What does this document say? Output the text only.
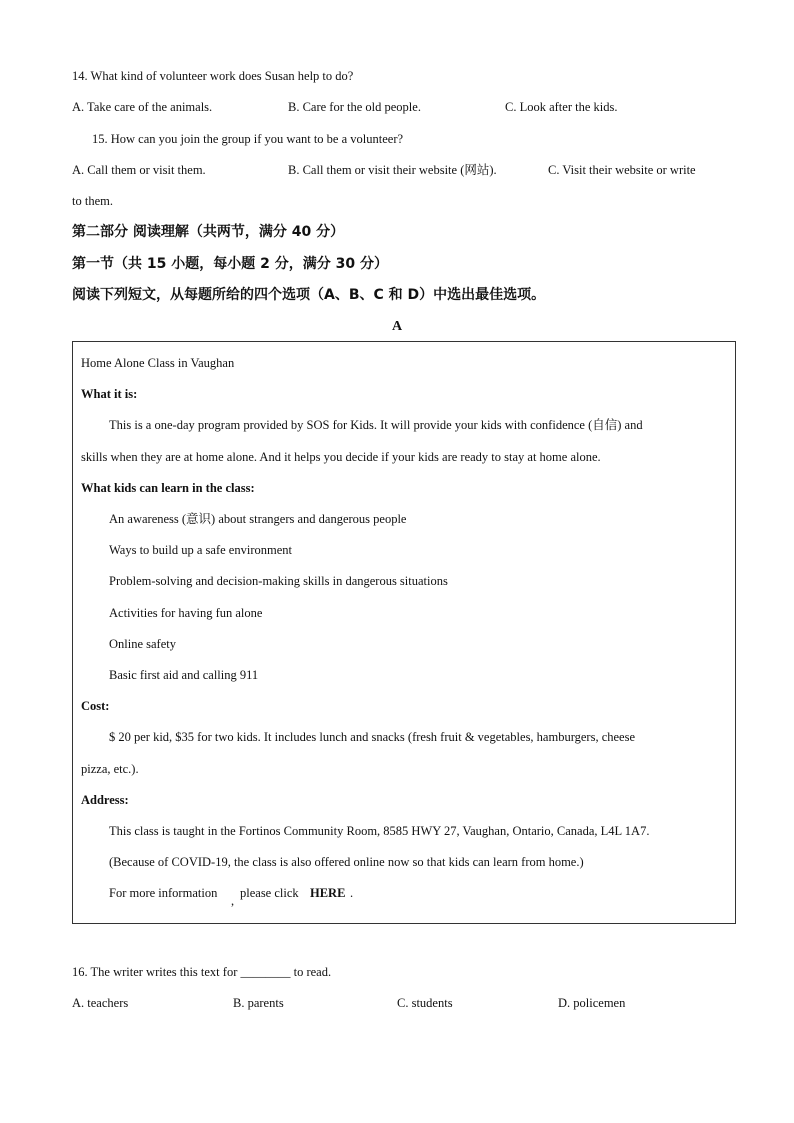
14. What kind of volunteer work does Susan help to do?
A. Take care of the animals.	B. Care for the old people.	C. Look after the kids.
15. How can you join the group if you want to be a volunteer?
A. Call them or visit them.	B. Call them or visit their website (网站).	C. Visit their website or write
to them.
第二部分 阅读理解（共两节，满分 40 分）
第一节（共 15 小题，每小题 2 分，满分 30 分）
阅读下列短文，从每题所给的四个选项（A、B、C 和 D）中选出最佳选项。
A
Home Alone Class in Vaughan
What it is:
This is a one-day program provided by SOS for Kids. It will provide your kids with confidence (自信) and
skills when they are at home alone. And it helps you decide if your kids are ready to stay at home alone.
What kids can learn in the class:
An awareness (意识) about strangers and dangerous people
Ways to build up a safe environment
Problem-solving and decision-making skills in dangerous situations
Activities for having fun alone
Online safety
Basic first aid and calling 911
Cost:
$ 20 per kid, $35 for two kids. It includes lunch and snacks (fresh fruit & vegetables, hamburgers, cheese
pizza, etc.).
Address:
This class is taught in the Fortinos Community Room, 8585 HWY 27, Vaughan, Ontario, Canada, L4L 1A7.
(Because of COVID-19, the class is also offered online now so that kids can learn from home.)
For more information
,
please click HERE .
16. The writer writes this text for ________ to read.
A. teachers	B. parents	C. students	D. policemen
